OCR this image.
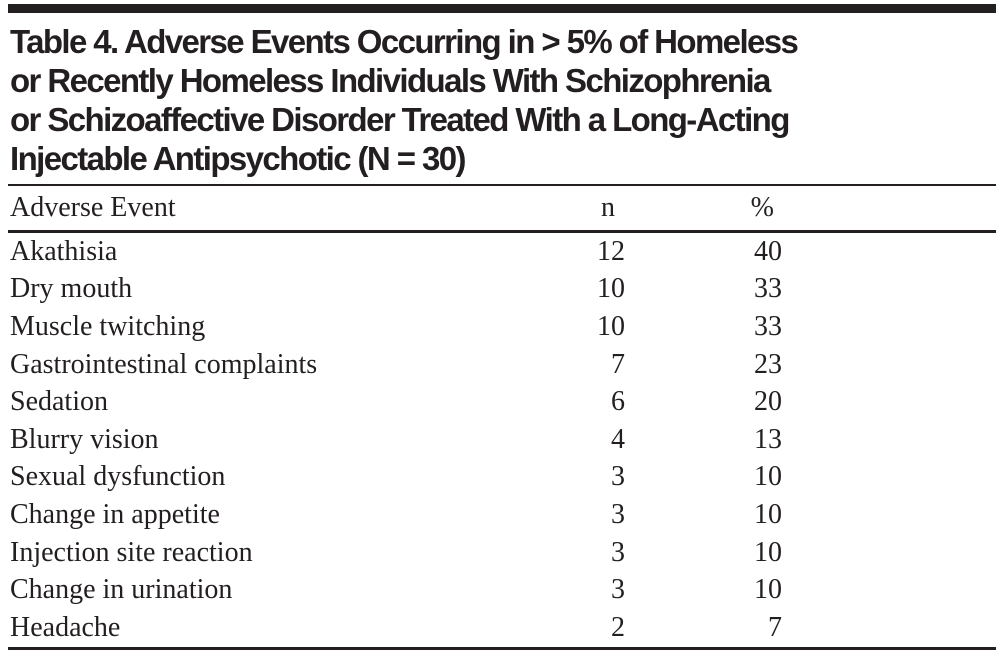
Table 4. Adverse Events Occurring in > 5% of Homeless
or Recently Homeless Individuals With Schizophrenia
or Schizoaffective Disorder Treated With a Long-Acting
Injectable Antipsychotic (N = 30)
Adverse Event	n	%	
Akathisia	12	40	
Dry mouth	10	33	
Muscle twitching	10	33	
Gastrointestinal complaints	7	23	
Sedation	6	20	
Blurry vision	4	13	
Sexual dysfunction	3	10	
Change in appetite	3	10	
Injection site reaction	3	10	
Change in urination	3	10	
Headache	2	7	
